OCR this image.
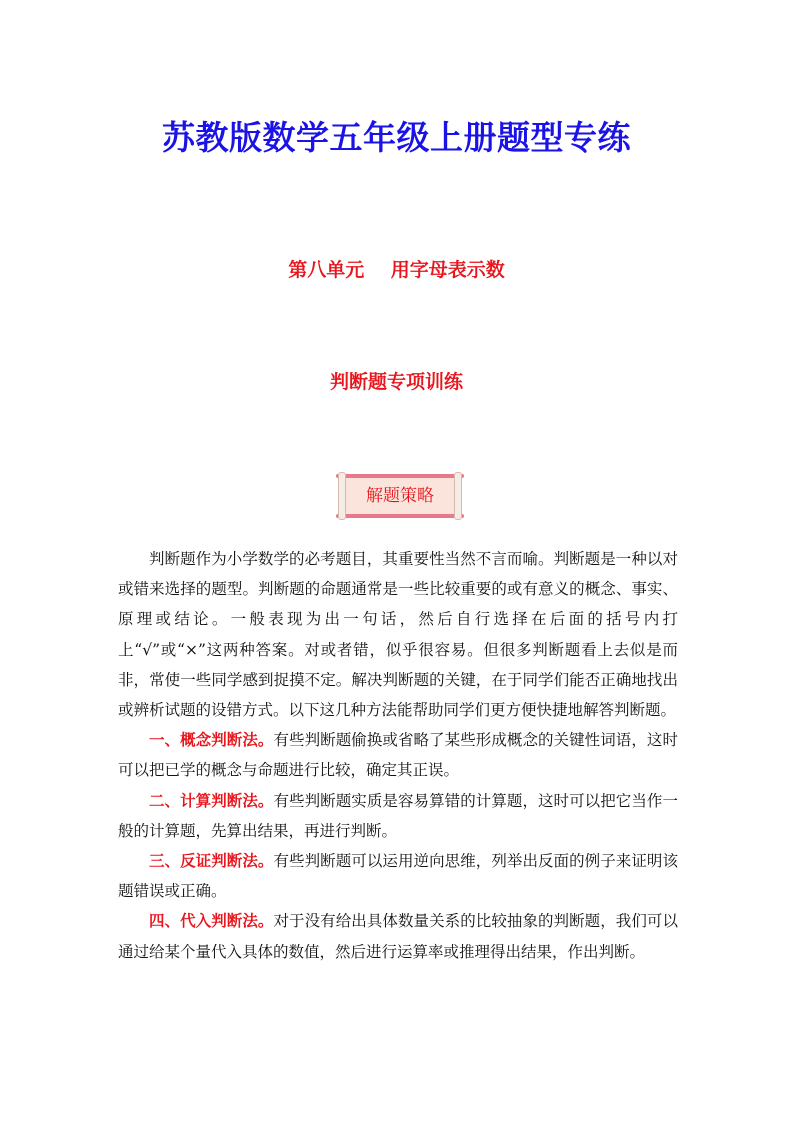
苏教版数学五年级上册题型专练
第八单元    用字母表示数
判断题专项训练
解题策略

判断题作为小学数学的必考题目，其重要性当然不言而喻。判断题是一种以对或错来选择的题型。判断题的命题通常是一些比较重要的或有意义的概念、事实、原理或结论。一般表现为出一句话，然后自行选择在后面的括号内打上“√”或“×”这两种答案。对或者错，似乎很容易。但很多判断题看上去似是而非，常使一些同学感到捉摸不定。解决判断题的关键，在于同学们能否正确地找出或辨析试题的设错方式。以下这几种方法能帮助同学们更方便快捷地解答判断题。

一、概念判断法。有些判断题偷换或省略了某些形成概念的关键性词语，这时可以把已学的概念与命题进行比较，确定其正误。

二、计算判断法。有些判断题实质是容易算错的计算题，这时可以把它当作一般的计算题，先算出结果，再进行判断。

三、反证判断法。有些判断题可以运用逆向思维，列举出反面的例子来证明该题错误或正确。

四、代入判断法。对于没有给出具体数量关系的比较抽象的判断题，我们可以通过给某个量代入具体的数值，然后进行运算率或推理得出结果，作出判断。
